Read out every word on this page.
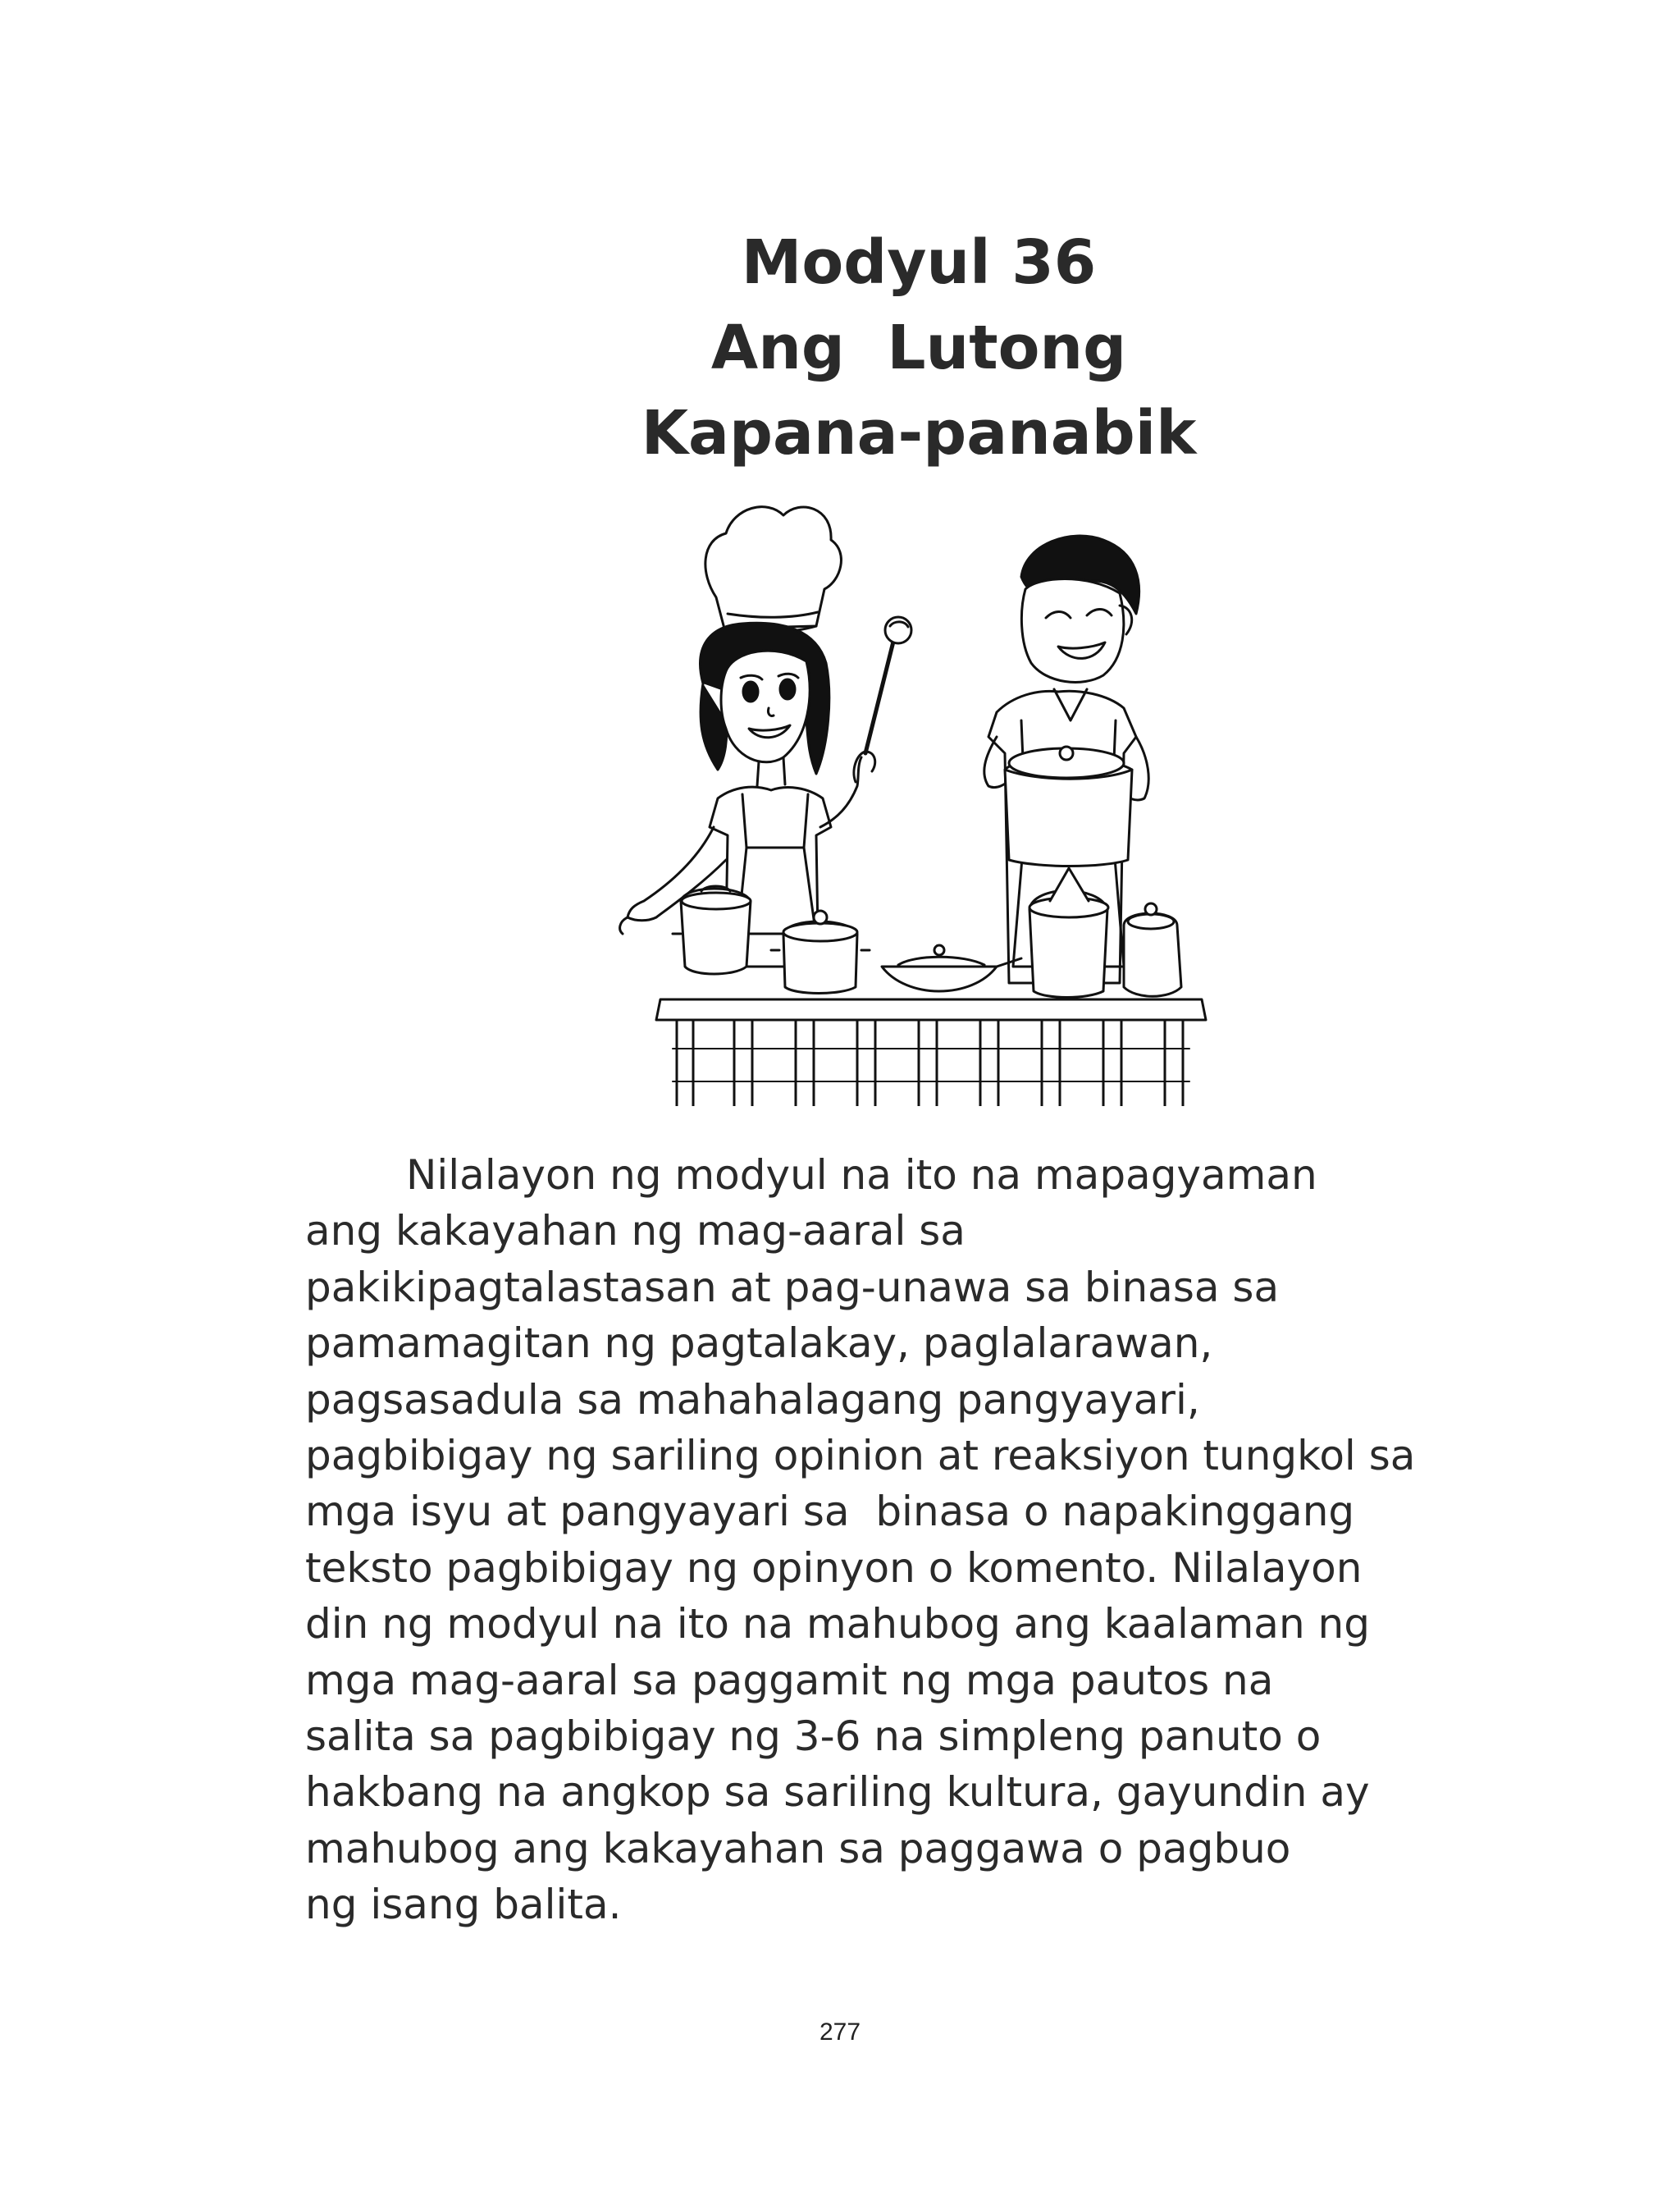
Modyul 36
Ang  Lutong
Kapana-panabik
Nilalayon ng modyul na ito na mapagyaman
ang kakayahan ng mag-aaral sa
pakikipagtalastasan at pag-unawa sa binasa sa
pamamagitan ng pagtalakay, paglalarawan,
pagsasadula sa mahahalagang pangyayari,
pagbibigay ng sariling opinion at reaksiyon tungkol sa
mga isyu at pangyayari sa  binasa o napakinggang
teksto pagbibigay ng opinyon o komento. Nilalayon
din ng modyul na ito na mahubog ang kaalaman ng
mga mag-aaral sa paggamit ng mga pautos na
salita sa pagbibigay ng 3-6 na simpleng panuto o
hakbang na angkop sa sariling kultura, gayundin ay
mahubog ang kakayahan sa paggawa o pagbuo
ng isang balita.
277
